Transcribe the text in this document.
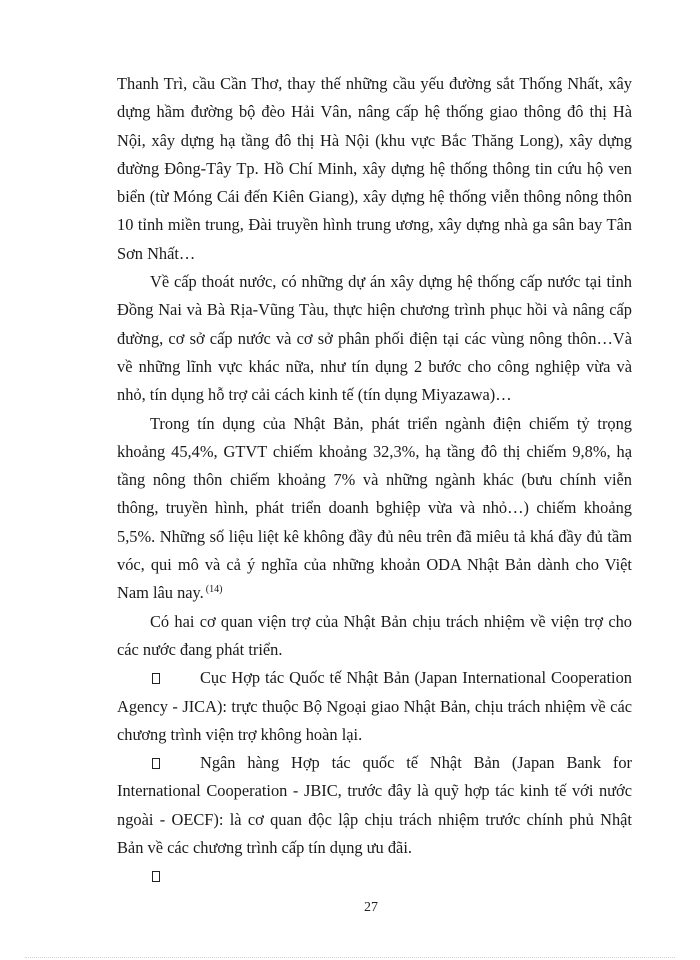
Thanh Trì, cầu Cần Thơ, thay thế những cầu yếu đường sắt Thống Nhất, xây
dựng hầm đường bộ đèo Hải Vân, nâng cấp hệ thống giao thông đô thị Hà
Nội, xây dựng hạ tầng đô thị Hà Nội (khu vực Bắc Thăng Long), xây dựng
đường Đông-Tây Tp. Hồ Chí Minh, xây dựng hệ thống thông tin cứu hộ ven
biển (từ Móng Cái đến Kiên Giang), xây dựng hệ thống viễn thông nông thôn
10 tỉnh miền trung, Đài truyền hình trung ương, xây dựng nhà ga sân bay Tân
Sơn Nhất…
Về cấp thoát nước, có những dự án xây dựng hệ thống cấp nước tại tỉnh
Đồng Nai và Bà Rịa-Vũng Tàu, thực hiện chương trình phục hồi và nâng cấp
đường, cơ sở cấp nước và cơ sở phân phối điện tại các vùng nông thôn…Và
về những lĩnh vực khác nữa, như tín dụng 2 bước cho công nghiệp vừa và
nhỏ, tín dụng hỗ trợ cải cách kinh tế (tín dụng Miyazawa)…
Trong tín dụng của Nhật Bản, phát triển ngành điện chiếm tỷ trọng
khoảng 45,4%, GTVT chiếm khoảng 32,3%, hạ tầng đô thị chiếm 9,8%, hạ
tầng nông thôn chiếm khoảng 7% và những ngành khác (bưu chính viễn
thông, truyền hình, phát triển doanh bghiệp vừa và nhỏ…) chiếm khoảng
5,5%. Những số liệu liệt kê không đầy đủ nêu trên đã miêu tả khá đầy đủ tầm
vóc, qui mô và cả ý nghĩa của những khoản ODA Nhật Bản dành cho Việt
Nam lâu nay. $^{(14)}$
Có hai cơ quan viện trợ của Nhật Bản chịu trách nhiệm về viện trợ cho
các nước đang phát triển.
Cục Hợp tác Quốc tế Nhật Bản (Japan International Cooperation
Agency - JICA): trực thuộc Bộ Ngoại giao Nhật Bản, chịu trách nhiệm về các
chương trình viện trợ không hoàn lại.
Ngân hàng Hợp tác quốc tế Nhật Bản (Japan Bank for
International Cooperation - JBIC, trước đây là quỹ hợp tác kinh tế với nước
ngoài - OECF): là cơ quan độc lập chịu trách nhiệm trước chính phủ Nhật
Bản về các chương trình cấp tín dụng ưu đãi.
27
